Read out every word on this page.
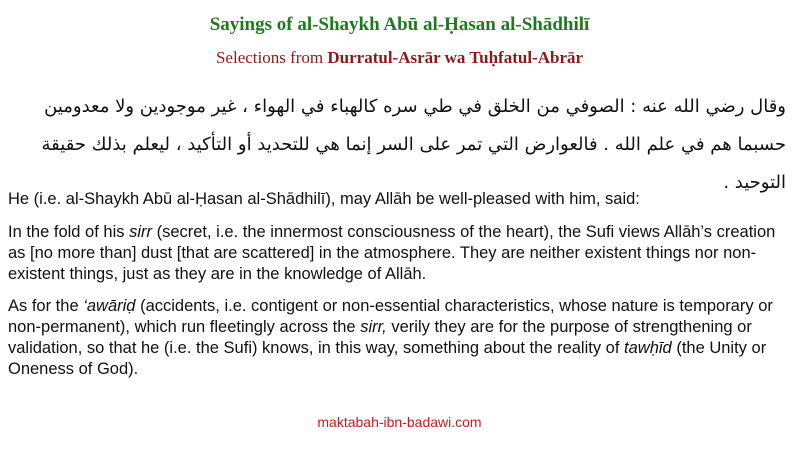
Sayings of al-Shaykh Abū al-Ḥasan al-Shādhilī

Selections from Durratul-Asrār wa Tuḥfatul-Abrār

وقال رضي الله عنه : الصوفي من الخلق في طي سره كالهباء في الهواء ، غير موجودين ولا معدومين حسبما هم في علم الله . فالعوارض التي تمر على السر إنما هي للتحديد أو التأكيد ، ليعلم بذلك حقيقة التوحيد .

He (i.e. al-Shaykh Abū al-Ḥasan al-Shādhilī), may Allāh be well-pleased with him, said:

In the fold of his sirr (secret, i.e. the innermost consciousness of the heart), the Sufi views Allāh’s creation as [no more than] dust [that are scattered] in the atmosphere. They are neither existent things nor non-existent things, just as they are in the knowledge of Allāh.

As for the ‘awāriḍ (accidents, i.e. contigent or non-essential characteristics, whose nature is temporary or non-permanent), which run fleetingly across the sirr, verily they are for the purpose of strengthening or validation, so that he (i.e. the Sufi) knows, in this way, something about the reality of tawḥīd (the Unity or Oneness of God).

maktabah-ibn-badawi.com
